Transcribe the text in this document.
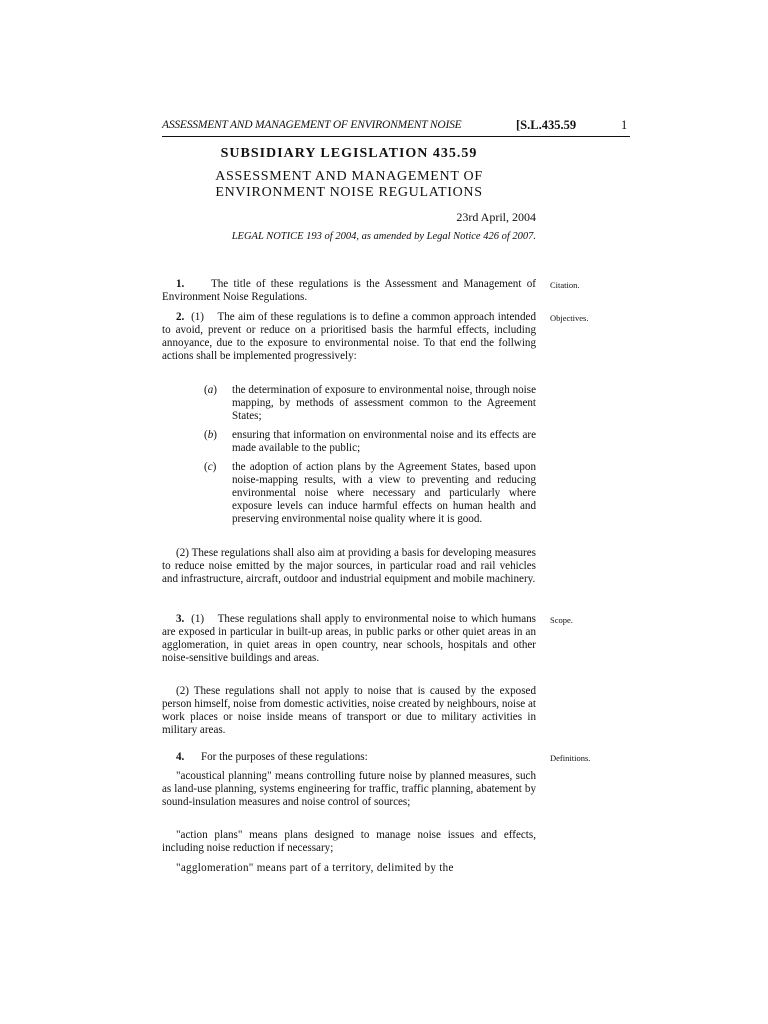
ASSESSMENT AND MANAGEMENT OF ENVIRONMENT NOISE	[S.L.435.59	1
SUBSIDIARY LEGISLATION 435.59
ASSESSMENT AND MANAGEMENT OF
ENVIRONMENT NOISE REGULATIONS
23rd April, 2004
LEGAL NOTICE 193 of 2004, as amended by Legal Notice 426 of 2007.
1. The title of these regulations is the Assessment and Management of Environment Noise Regulations.
Citation.
2. (1) The aim of these regulations is to define a common approach intended to avoid, prevent or reduce on a prioritised basis the harmful effects, including annoyance, due to the exposure to environmental noise. To that end the follwing actions shall be implemented progressively:
Objectives.
(a)	the determination of exposure to environmental noise, through noise mapping, by methods of assessment common to the Agreement States;
(b)	ensuring that information on environmental noise and its effects are made available to the public;
(c)	the adoption of action plans by the Agreement States, based upon noise-mapping results, with a view to preventing and reducing environmental noise where necessary and particularly where exposure levels can induce harmful effects on human health and preserving environmental noise quality where it is good.
(2) These regulations shall also aim at providing a basis for developing measures to reduce noise emitted by the major sources, in particular road and rail vehicles and infrastructure, aircraft, outdoor and industrial equipment and mobile machinery.
3. (1) These regulations shall apply to environmental noise to which humans are exposed in particular in built-up areas, in public parks or other quiet areas in an agglomeration, in quiet areas in open country, near schools, hospitals and other noise-sensitive buildings and areas.
Scope.
(2) These regulations shall not apply to noise that is caused by the exposed person himself, noise from domestic activities, noise created by neighbours, noise at work places or noise inside means of transport or due to military activities in military areas.
4. For the purposes of these regulations:	Definitions.
"acoustical planning" means controlling future noise by planned measures, such as land-use planning, systems engineering for traffic, traffic planning, abatement by sound-insulation measures and noise control of sources;
"action plans" means plans designed to manage noise issues and effects, including noise reduction if necessary;
"agglomeration" means part of a territory, delimited by the
